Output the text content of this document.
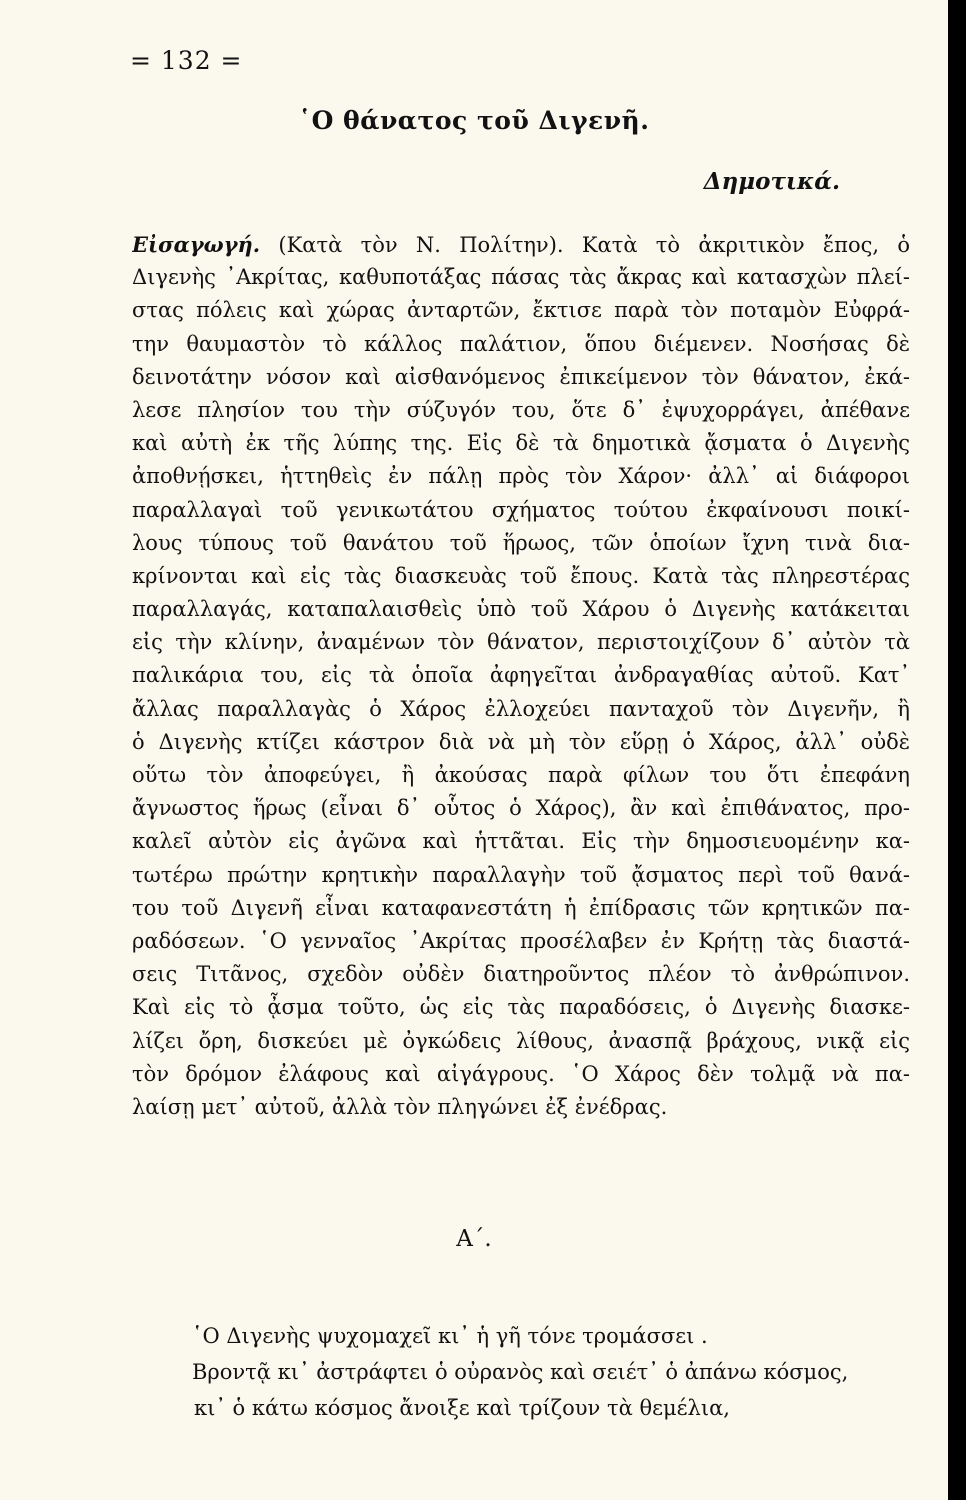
= 132 =
῾Ο θάνατος τοῦ Διγενῆ.
Δημοτικά.
Εἰσαγωγή. (Κατὰ τὸν Ν. Πολίτην). Κατὰ τὸ ἀκριτικὸν ἔπος, ὁ
Διγενὴς ᾿Ακρίτας, καθυποτάξας πάσας τὰς ἄκρας καὶ κατασχὼν πλεί-
στας πόλεις καὶ χώρας ἀνταρτῶν, ἔκτισε παρὰ τὸν ποταμὸν Εὐφρά-
την θαυμαστὸν τὸ κάλλος παλάτιον, ὅπου διέμενεν. Νοσήσας δὲ
δεινοτάτην νόσον καὶ αἰσθανόμενος ἐπικείμενον τὸν θάνατον, ἐκά-
λεσε πλησίον του τὴν σύζυγόν του, ὅτε δ᾿ ἐψυχορράγει, ἀπέθανε
καὶ αὐτὴ ἐκ τῆς λύπης της. Εἰς δὲ τὰ δημοτικὰ ᾄσματα ὁ Διγενὴς
ἀποθνῄσκει, ἡττηθεὶς ἐν πάλῃ πρὸς τὸν Χάρον· ἀλλ᾿ αἱ διάφοροι
παραλλαγαὶ τοῦ γενικωτάτου σχήματος τούτου ἐκφαίνουσι ποικί-
λους τύπους τοῦ θανάτου τοῦ ἥρωος, τῶν ὁποίων ἴχνη τινὰ δια-
κρίνονται καὶ εἰς τὰς διασκευὰς τοῦ ἔπους. Κατὰ τὰς πληρεστέρας
παραλλαγάς, καταπαλαισθεὶς ὑπὸ τοῦ Χάρου ὁ Διγενὴς κατάκειται
εἰς τὴν κλίνην, ἀναμένων τὸν θάνατον, περιστοιχίζουν δ᾿ αὐτὸν τὰ
παλικάρια του, εἰς τὰ ὁποῖα ἀφηγεῖται ἀνδραγαθίας αὐτοῦ. Κατ᾿
ἄλλας παραλλαγὰς ὁ Χάρος ἐλλοχεύει πανταχοῦ τὸν Διγενῆν, ἢ
ὁ Διγενὴς κτίζει κάστρον διὰ νὰ μὴ τὸν εὕρῃ ὁ Χάρος, ἀλλ᾿ οὐδὲ
οὕτω τὸν ἀποφεύγει, ἢ ἀκούσας παρὰ φίλων του ὅτι ἐπεφάνη
ἄγνωστος ἥρως (εἶναι δ᾿ οὗτος ὁ Χάρος), ἂν καὶ ἐπιθάνατος, προ-
καλεῖ αὐτὸν εἰς ἀγῶνα καὶ ἡττᾶται. Εἰς τὴν δημοσιευομένην κα-
τωτέρω πρώτην κρητικὴν παραλλαγὴν τοῦ ᾄσματος περὶ τοῦ θανά-
του τοῦ Διγενῆ εἶναι καταφανεστάτη ἡ ἐπίδρασις τῶν κρητικῶν πα-
ραδόσεων. ῾Ο γενναῖος ᾿Ακρίτας προσέλαβεν ἐν Κρήτῃ τὰς διαστά-
σεις Τιτᾶνος, σχεδὸν οὐδὲν διατηροῦντος πλέον τὸ ἀνθρώπινον.
Καὶ εἰς τὸ ᾆσμα τοῦτο, ὡς εἰς τὰς παραδόσεις, ὁ Διγενὴς διασκε-
λίζει ὄρη, δισκεύει μὲ ὀγκώδεις λίθους, ἀνασπᾷ βράχους, νικᾷ εἰς
τὸν δρόμον ἐλάφους καὶ αἰγάγρους. ῾Ο Χάρος δὲν τολμᾷ νὰ πα-
λαίσῃ μετ᾿ αὐτοῦ, ἀλλὰ τὸν πληγώνει ἐξ ἐνέδρας.
Α΄.
῾Ο Διγενὴς ψυχομαχεῖ κι᾿ ἡ γῆ τόνε τρομάσσει .
Βροντᾷ κι᾿ ἀστράφτει ὁ οὐρανὸς καὶ σειέτ᾿ ὁ ἀπάνω κόσμος,
κι᾿ ὁ κάτω κόσμος ἄνοιξε καὶ τρίζουν τὰ θεμέλια,
